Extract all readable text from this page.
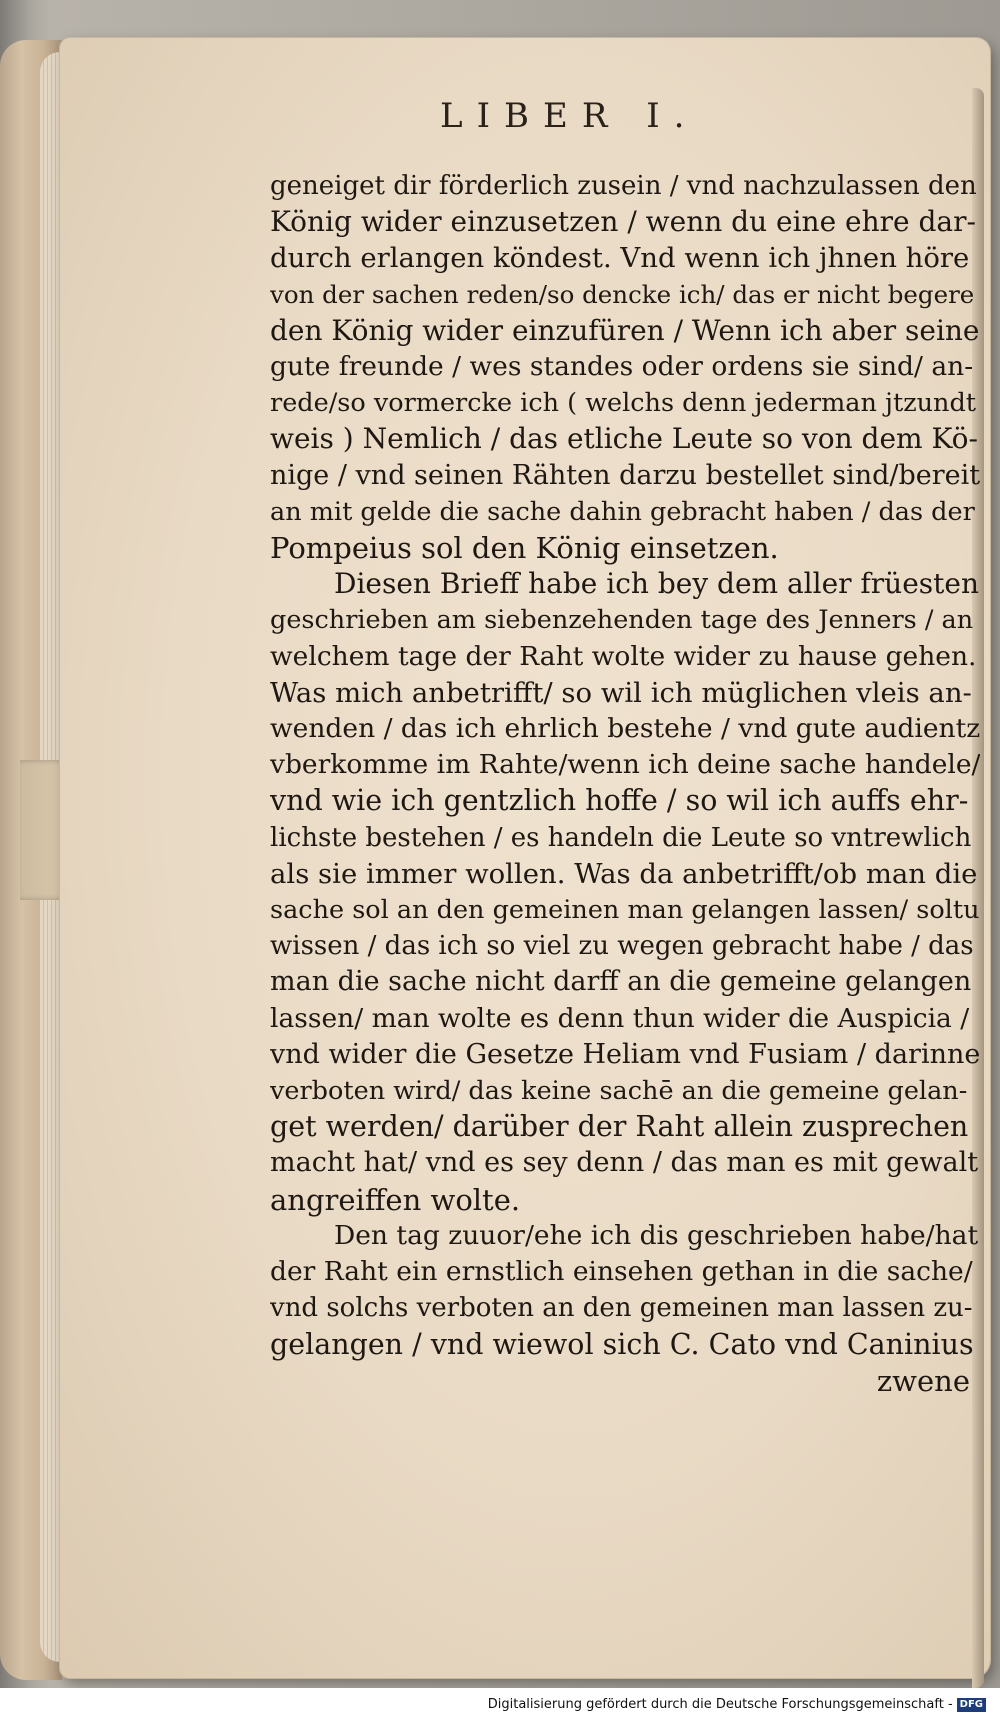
LIBER I.
geneiget dir förderlich zusein / vnd nachzulassen den
König wider einzusetzen / wenn du eine ehre dar-
durch erlangen köndest. Vnd wenn ich jhnen höre
von der sachen reden/so dencke ich/ das er nicht begere
den König wider einzufüren / Wenn ich aber seine
gute freunde / wes standes oder ordens sie sind/ an-
rede/so vormercke ich ( welchs denn jederman jtzundt
weis ) Nemlich / das etliche Leute so von dem Kö-
nige / vnd seinen Rähten darzu bestellet sind/bereit
an mit gelde die sache dahin gebracht haben / das der
Pompeius sol den König einsetzen.
Diesen Brieff habe ich bey dem aller früesten
geschrieben am siebenzehenden tage des Jenners / an
welchem tage der Raht wolte wider zu hause gehen.
Was mich anbetrifft/ so wil ich müglichen vleis an-
wenden / das ich ehrlich bestehe / vnd gute audientz
vberkomme im Rahte/wenn ich deine sache handele/
vnd wie ich gentzlich hoffe / so wil ich auffs ehr-
lichste bestehen / es handeln die Leute so vntrewlich
als sie immer wollen. Was da anbetrifft/ob man die
sache sol an den gemeinen man gelangen lassen/ soltu
wissen / das ich so viel zu wegen gebracht habe / das
man die sache nicht darff an die gemeine gelangen
lassen/ man wolte es denn thun wider die Auspicia /
vnd wider die Gesetze Heliam vnd Fusiam / darinne
verboten wird/ das keine sachē an die gemeine gelan-
get werden/ darüber der Raht allein zusprechen
macht hat/ vnd es sey denn / das man es mit gewalt
angreiffen wolte.
Den tag zuuor/ehe ich dis geschrieben habe/hat
der Raht ein ernstlich einsehen gethan in die sache/
vnd solchs verboten an den gemeinen man lassen zu-
gelangen / vnd wiewol sich C. Cato vnd Caninius
zwene
Digitalisierung gefördert durch die Deutsche Forschungsgemeinschaft - DFG
